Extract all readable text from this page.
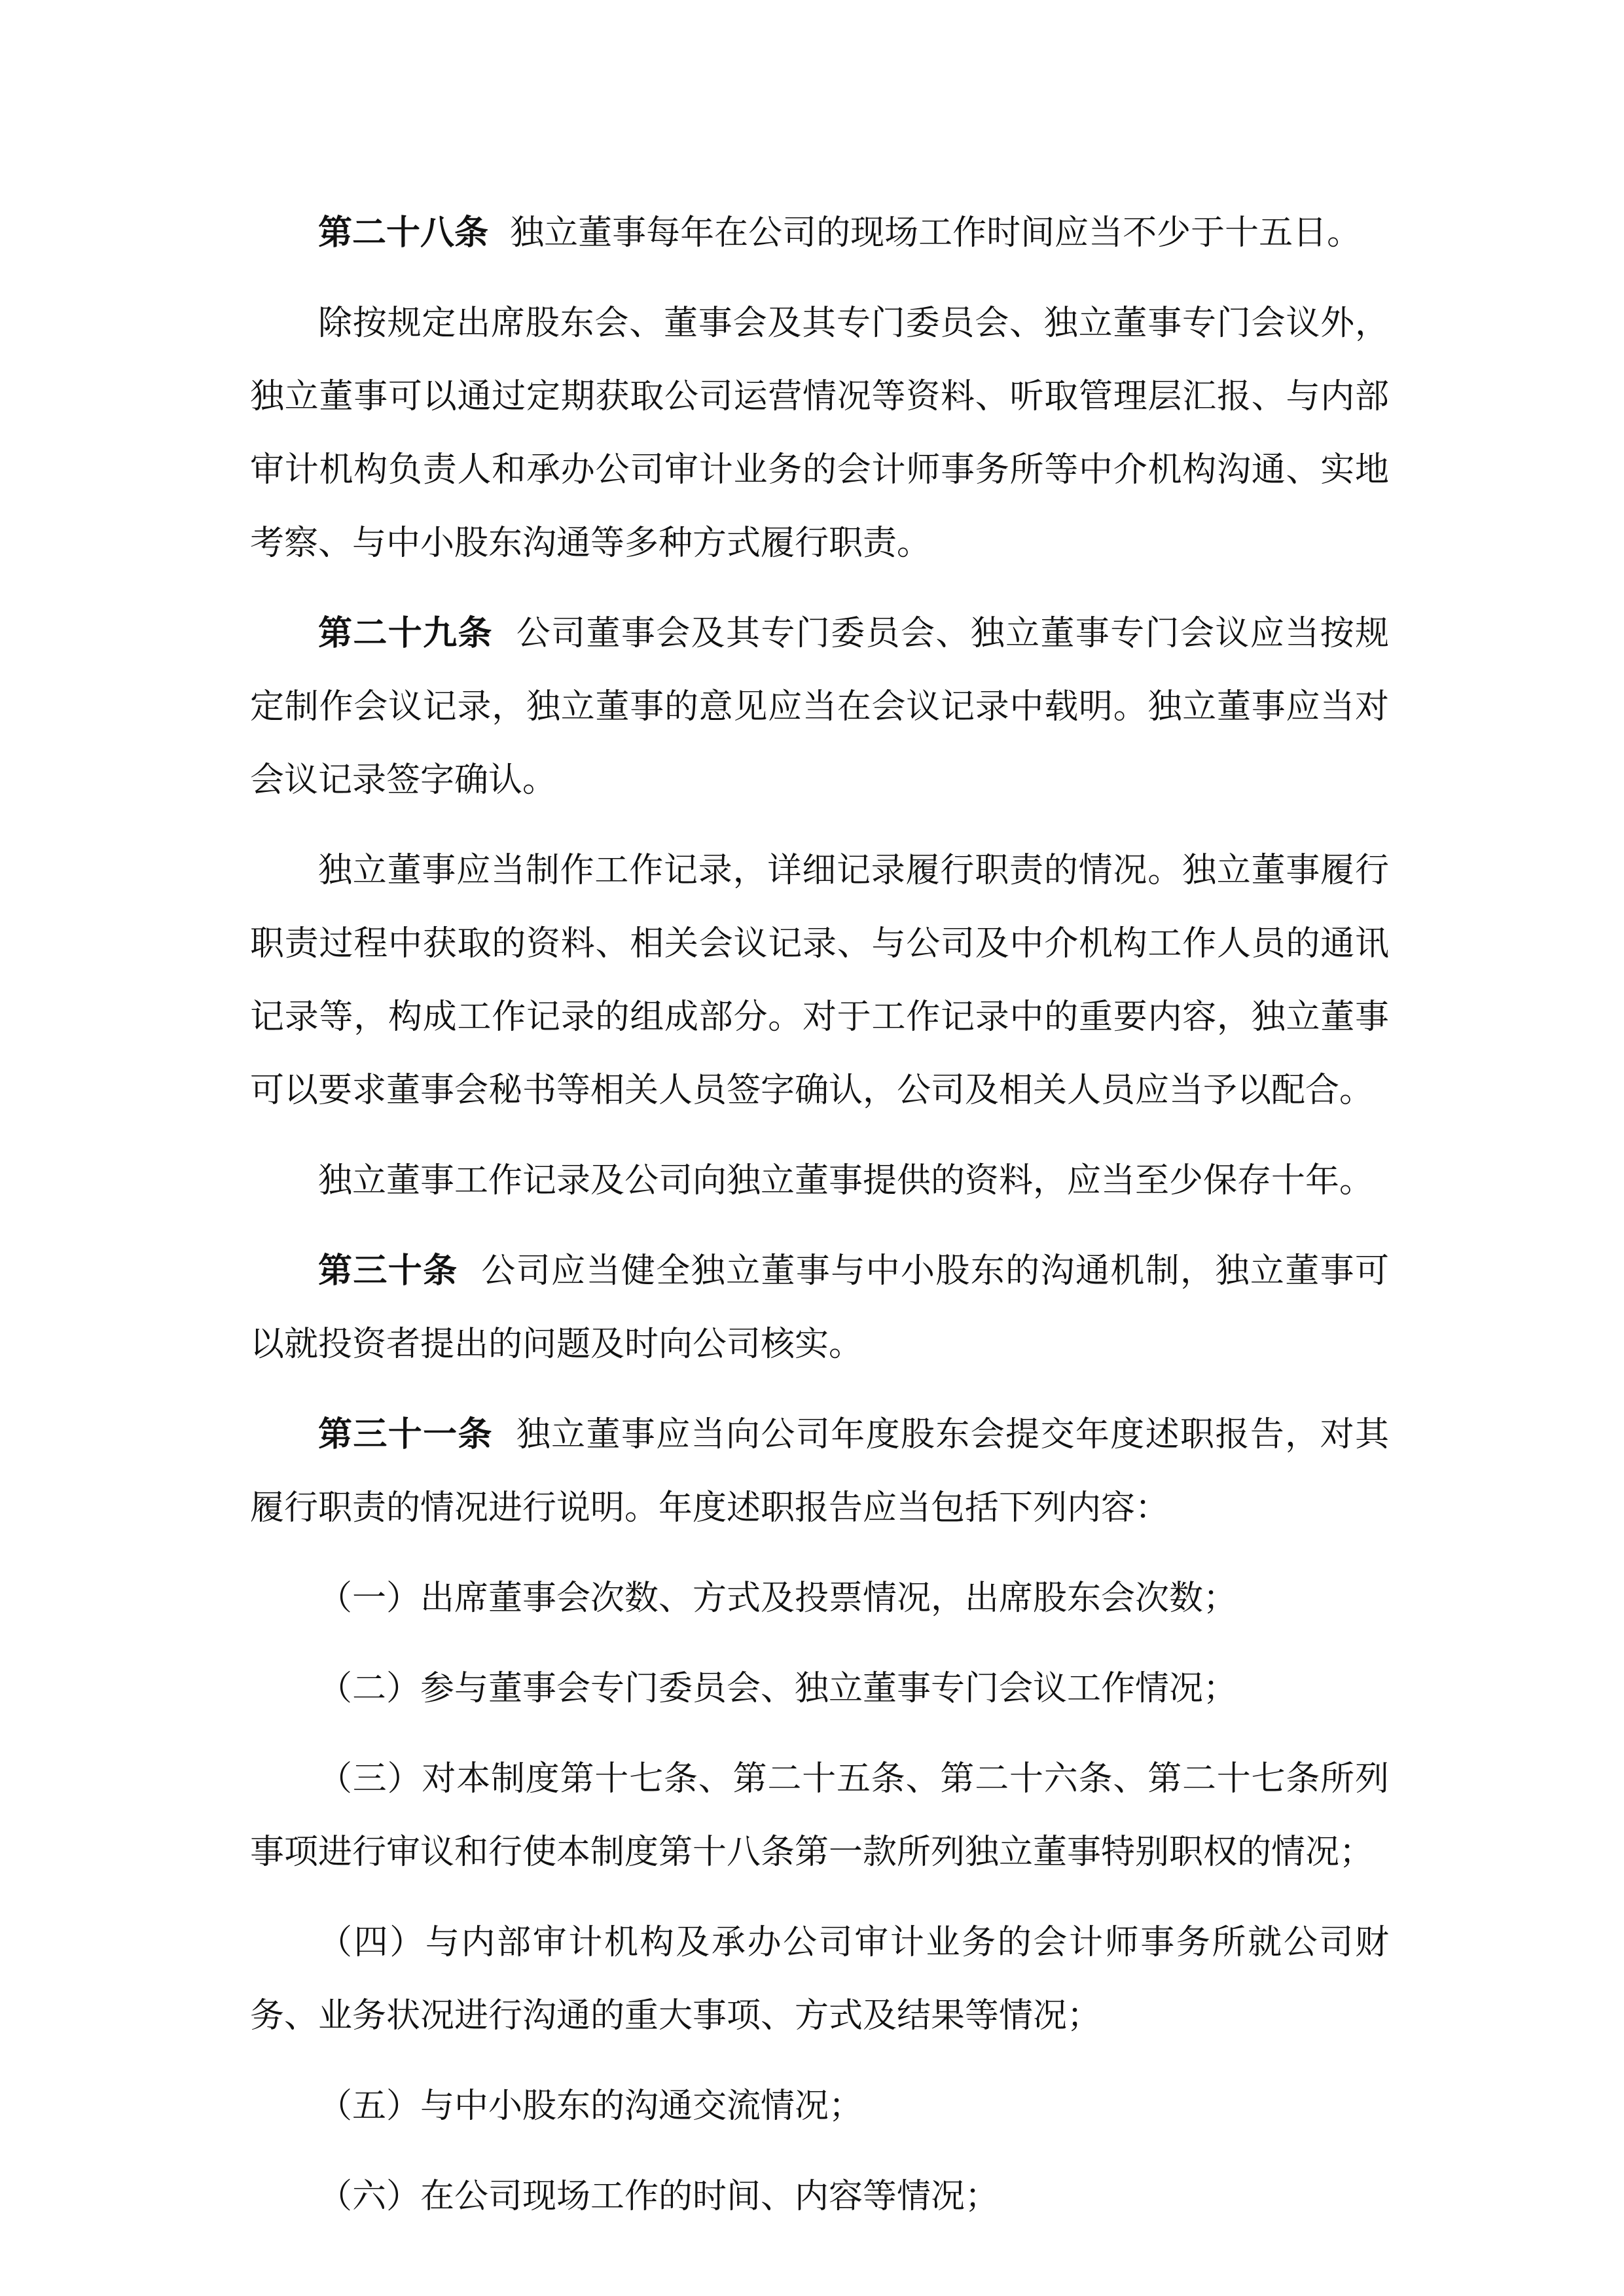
第二十八条 独立董事每年在公司的现场工作时间应当不少于十五日。

除按规定出席股东会、董事会及其专门委员会、独立董事专门会议外，独立董事可以通过定期获取公司运营情况等资料、听取管理层汇报、与内部审计机构负责人和承办公司审计业务的会计师事务所等中介机构沟通、实地考察、与中小股东沟通等多种方式履行职责。

第二十九条 公司董事会及其专门委员会、独立董事专门会议应当按规定制作会议记录，独立董事的意见应当在会议记录中载明。独立董事应当对会议记录签字确认。

独立董事应当制作工作记录，详细记录履行职责的情况。独立董事履行职责过程中获取的资料、相关会议记录、与公司及中介机构工作人员的通讯记录等，构成工作记录的组成部分。对于工作记录中的重要内容，独立董事可以要求董事会秘书等相关人员签字确认，公司及相关人员应当予以配合。

独立董事工作记录及公司向独立董事提供的资料，应当至少保存十年。

第三十条 公司应当健全独立董事与中小股东的沟通机制，独立董事可以就投资者提出的问题及时向公司核实。

第三十一条 独立董事应当向公司年度股东会提交年度述职报告，对其履行职责的情况进行说明。年度述职报告应当包括下列内容：

（一）出席董事会次数、方式及投票情况，出席股东会次数；

（二）参与董事会专门委员会、独立董事专门会议工作情况；

（三）对本制度第十七条、第二十五条、第二十六条、第二十七条所列事项进行审议和行使本制度第十八条第一款所列独立董事特别职权的情况；

（四）与内部审计机构及承办公司审计业务的会计师事务所就公司财务、业务状况进行沟通的重大事项、方式及结果等情况；

（五）与中小股东的沟通交流情况；

（六）在公司现场工作的时间、内容等情况；
